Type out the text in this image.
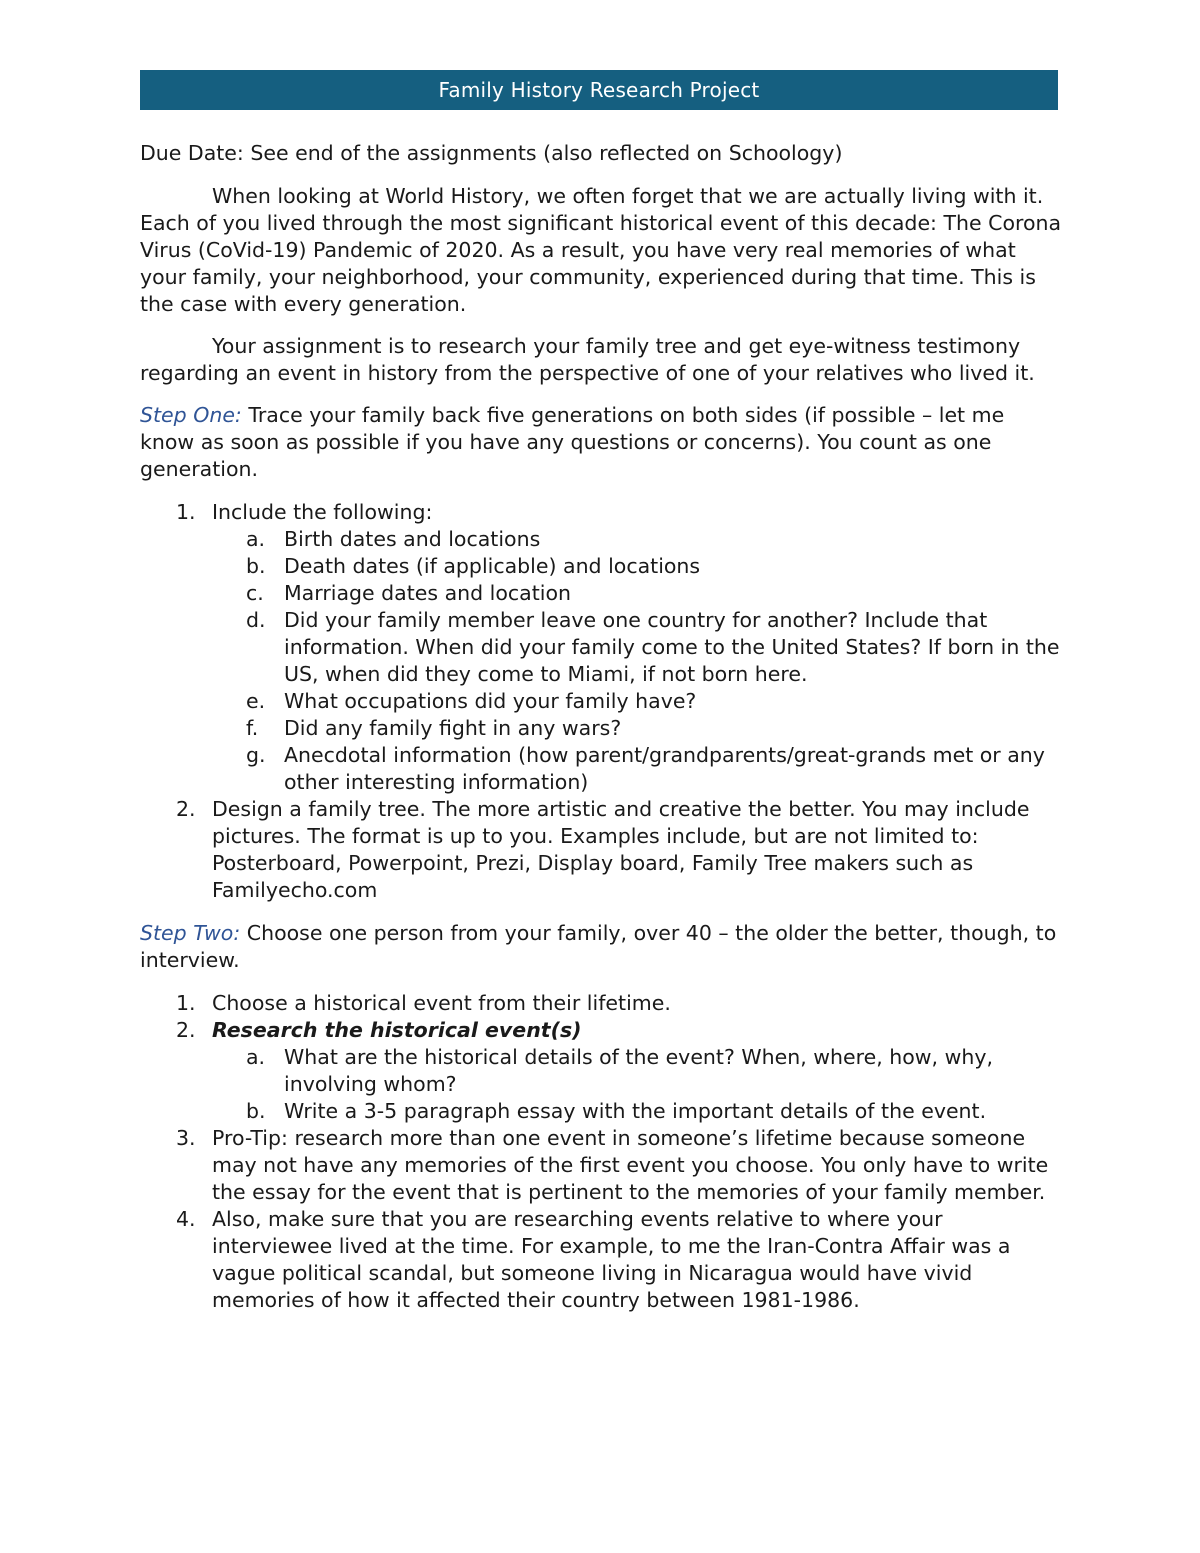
Family History Research Project

Due Date: See end of the assignments (also reflected on Schoology)

When looking at World History, we often forget that we are actually living with it. Each of you lived through the most significant historical event of this decade: The Corona Virus (CoVid-19) Pandemic of 2020. As a result, you have very real memories of what your family, your neighborhood, your community, experienced during that time. This is the case with every generation.

Your assignment is to research your family tree and get eye-witness testimony regarding an event in history from the perspective of one of your relatives who lived it.

Step One: Trace your family back five generations on both sides (if possible – let me know as soon as possible if you have any questions or concerns). You count as one generation.

1. Include the following:
a. Birth dates and locations
b. Death dates (if applicable) and locations
c. Marriage dates and location
d. Did your family member leave one country for another? Include that information. When did your family come to the United States? If born in the US, when did they come to Miami, if not born here.
e. What occupations did your family have?
f.	Did any family fight in any wars?
g. Anecdotal information (how parent/grandparents/great-grands met or any other interesting information)
2. Design a family tree. The more artistic and creative the better. You may include pictures. The format is up to you. Examples include, but are not limited to: Posterboard, Powerpoint, Prezi, Display board, Family Tree makers such as Familyecho.com

Step Two: Choose one person from your family, over 40 – the older the better, though, to interview.

1. Choose a historical event from their lifetime.
2. Research the historical event(s)
a. What are the historical details of the event? When, where, how, why, involving whom?
b. Write a 3-5 paragraph essay with the important details of the event.
3. Pro-Tip: research more than one event in someone’s lifetime because someone may not have any memories of the first event you choose. You only have to write the essay for the event that is pertinent to the memories of your family member.
4. Also, make sure that you are researching events relative to where your interviewee lived at the time. For example, to me the Iran-Contra Affair was a vague political scandal, but someone living in Nicaragua would have vivid memories of how it affected their country between 1981-1986.
